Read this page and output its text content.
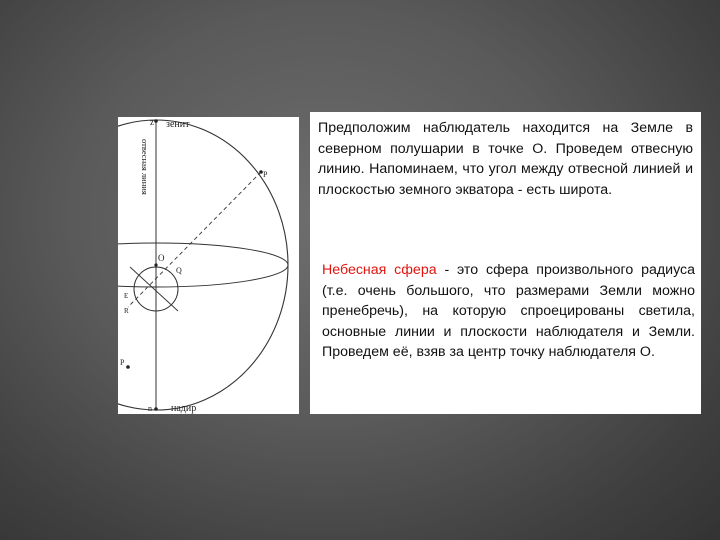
z зенит
n надир
O
Q
E
P
R
P
отвесная линия
Предположим наблюдатель находится на Земле в северном полушарии в точке О. Проведем отвесную линию. Напоминаем, что угол между отвесной линией и плоскостью земного экватора - есть широта.
Небесная сфера - это сфера произвольного радиуса (т.е. очень большого, что размерами Земли можно пренебречь), на которую спроецированы светила, основные линии и плоскости наблюдателя и Земли. Проведем её, взяв за центр точку наблюдателя О.
